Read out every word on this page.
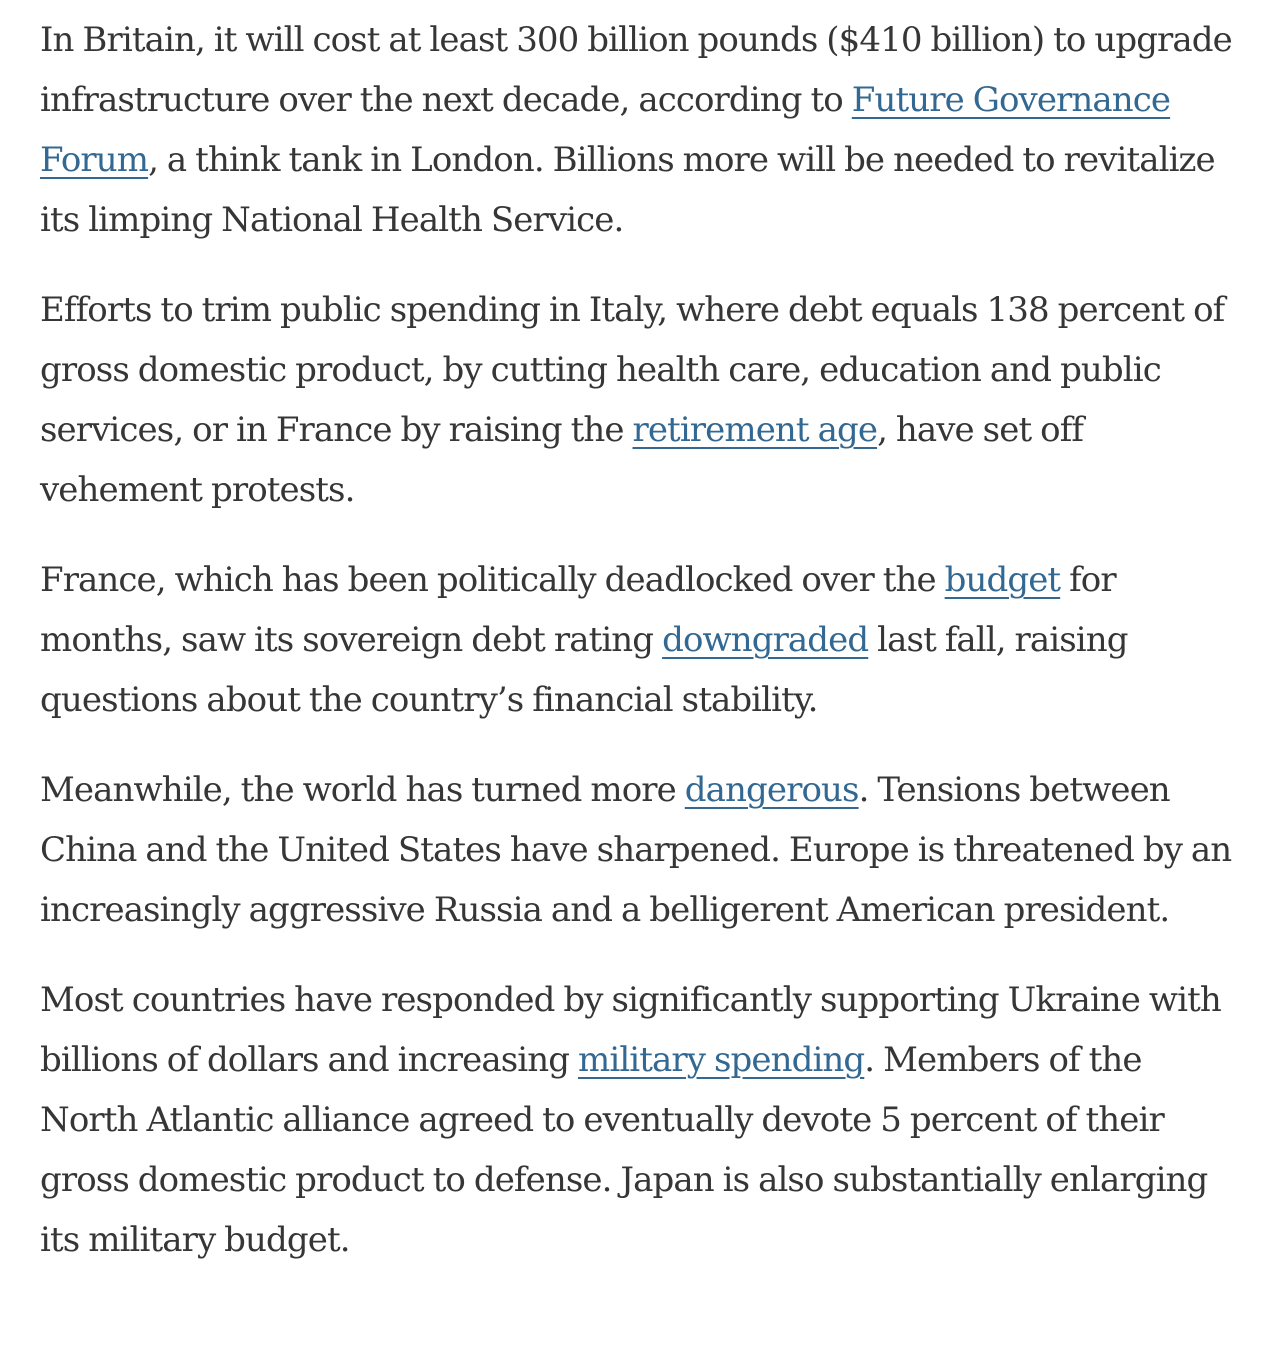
In Britain, it will cost at least 300 billion pounds ($410 billion) to upgrade infrastructure over the next decade, according to Future Governance Forum, a think tank in London. Billions more will be needed to revitalize its limping National Health Service.

Efforts to trim public spending in Italy, where debt equals 138 percent of gross domestic product, by cutting health care, education and public services, or in France by raising the retirement age, have set off vehement protests.

France, which has been politically deadlocked over the budget for months, saw its sovereign debt rating downgraded last fall, raising questions about the country’s financial stability.

Meanwhile, the world has turned more dangerous. Tensions between China and the United States have sharpened. Europe is threatened by an increasingly aggressive Russia and a belligerent American president.

Most countries have responded by significantly supporting Ukraine with billions of dollars and increasing military spending. Members of the North Atlantic alliance agreed to eventually devote 5 percent of their gross domestic product to defense. Japan is also substantially enlarging its military budget.
